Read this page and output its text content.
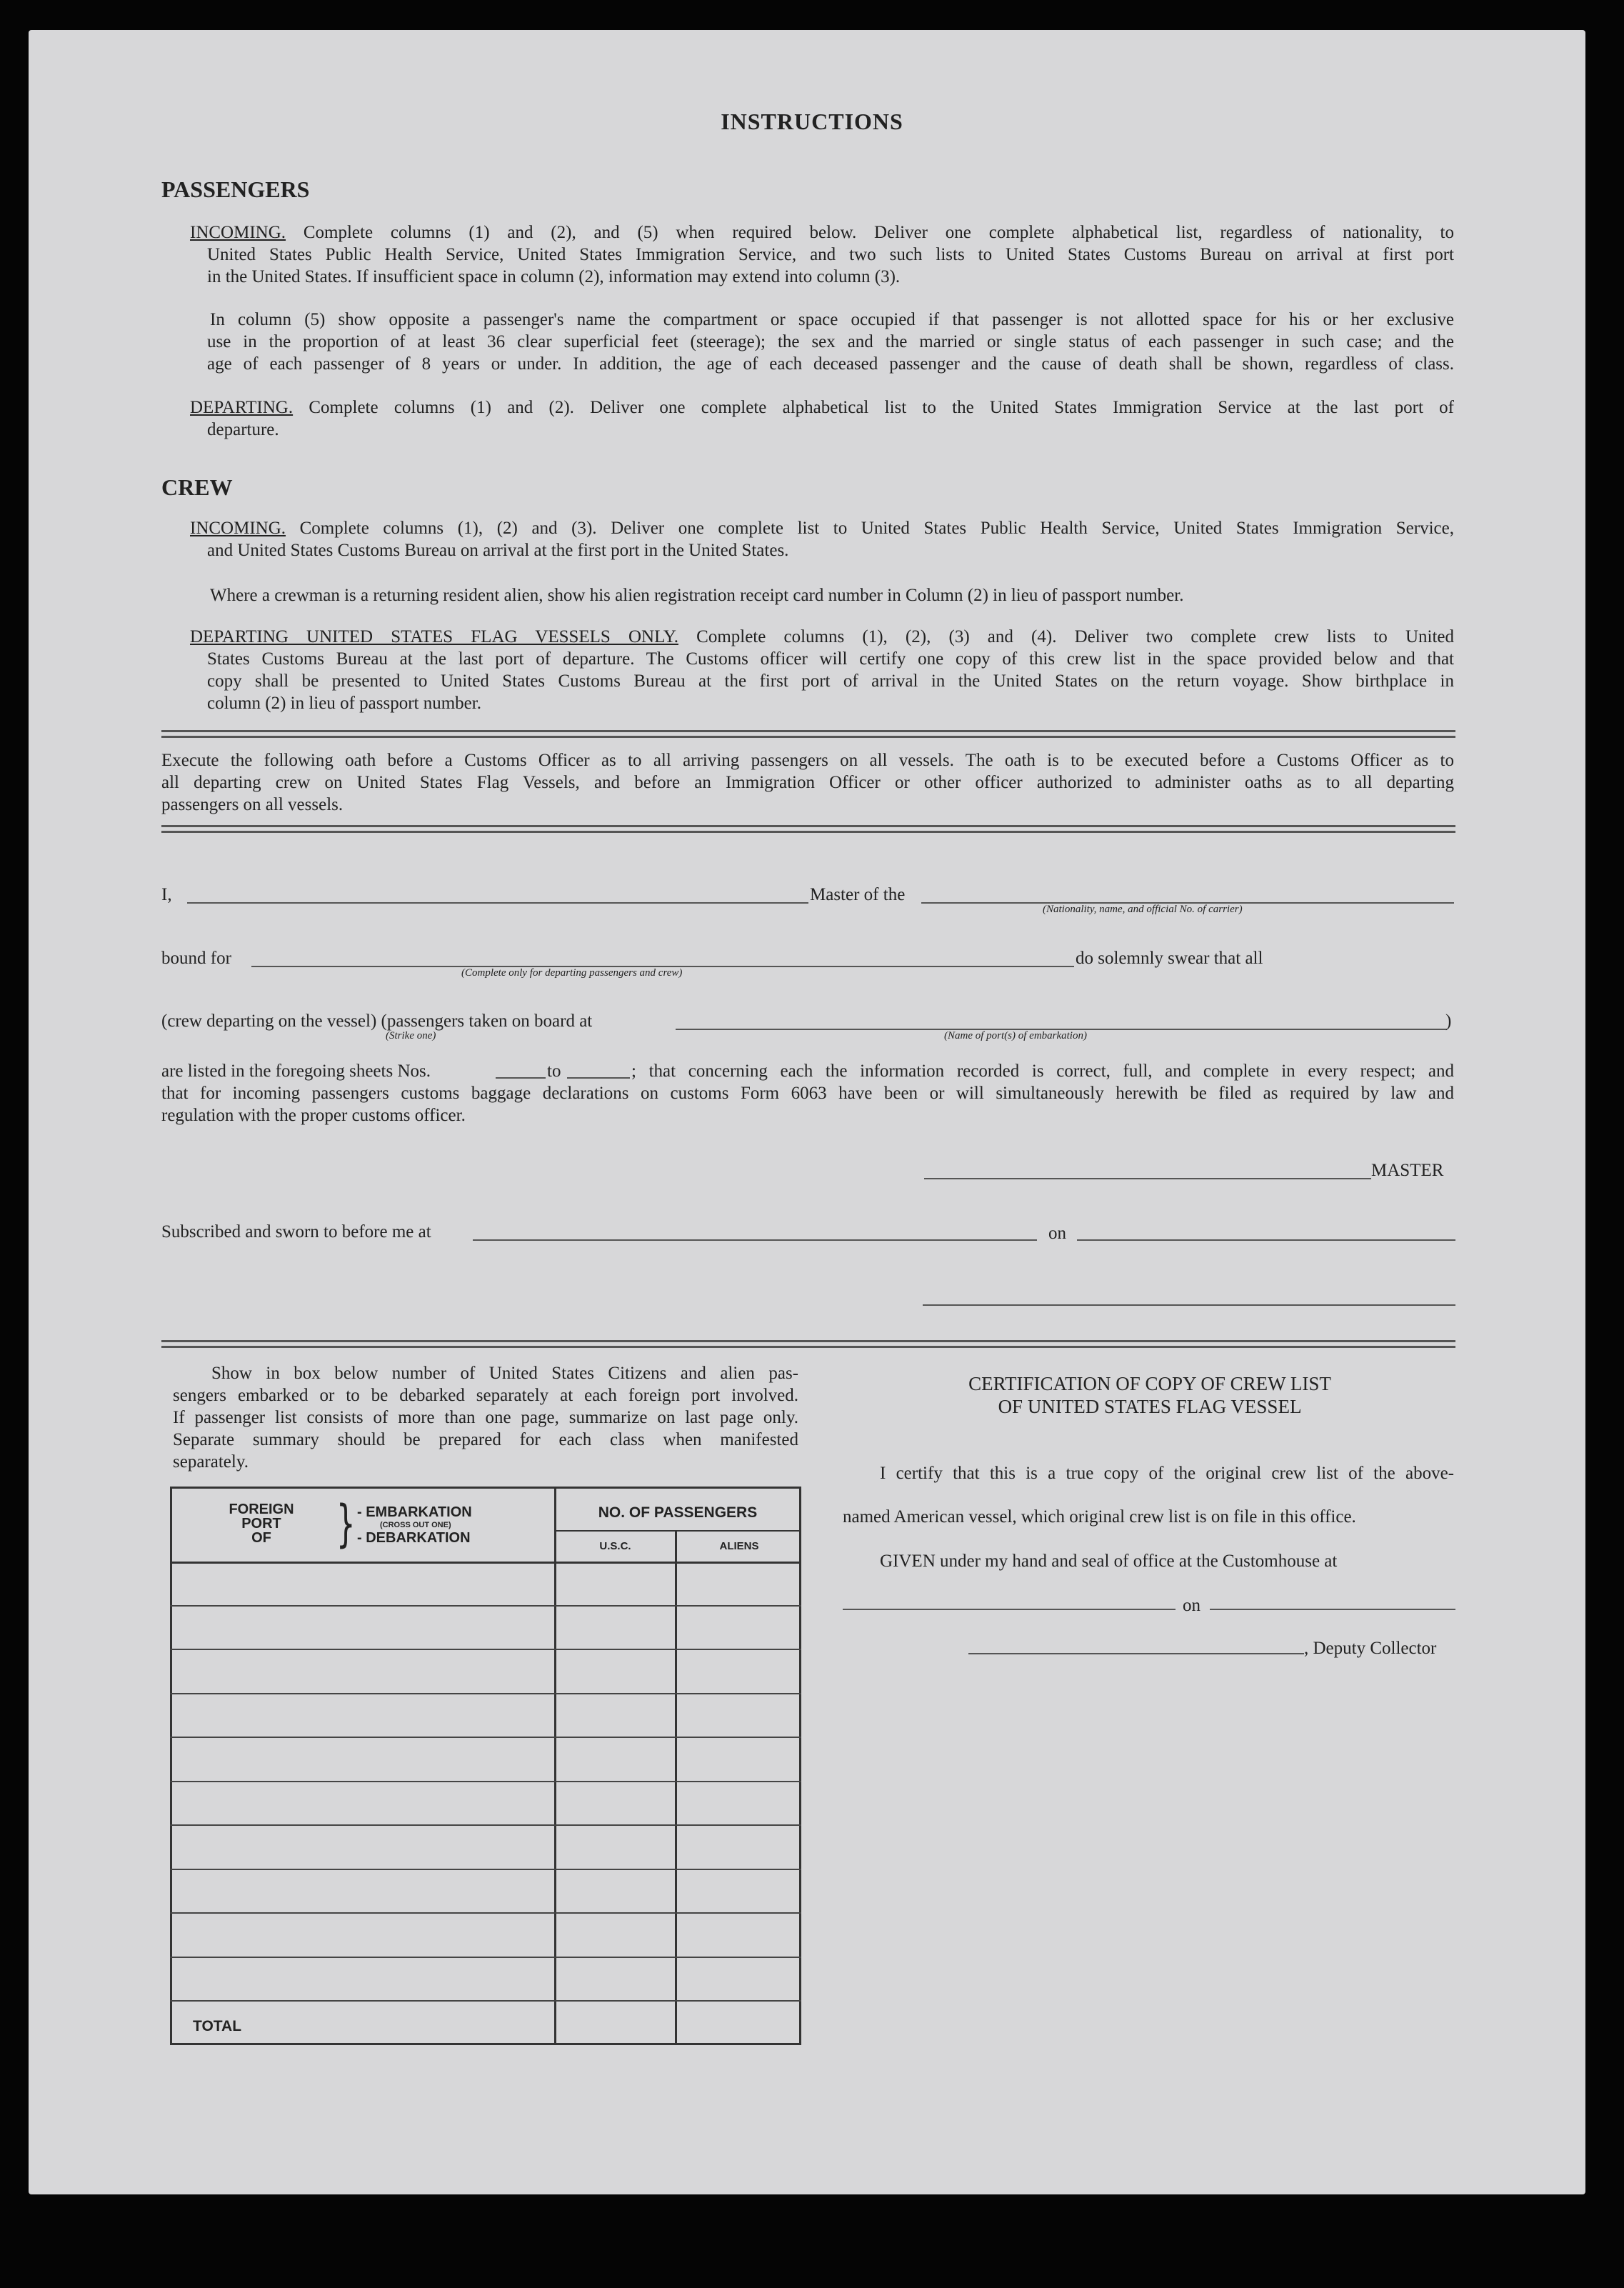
INSTRUCTIONS
PASSENGERS
INCOMING. Complete columns (1) and (2), and (5) when required below. Deliver one complete alphabetical list, regardless of nationality, to
United States Public Health Service, United States Immigration Service, and two such lists to United States Customs Bureau on arrival at first port
in the United States. If insufficient space in column (2), information may extend into column (3).
In column (5) show opposite a passenger's name the compartment or space occupied if that passenger is not allotted space for his or her exclusive
use in the proportion of at least 36 clear superficial feet (steerage); the sex and the married or single status of each passenger in such case; and the
age of each passenger of 8 years or under. In addition, the age of each deceased passenger and the cause of death shall be shown, regardless of class.
DEPARTING. Complete columns (1) and (2). Deliver one complete alphabetical list to the United States Immigration Service at the last port of
departure.
CREW
INCOMING. Complete columns (1), (2) and (3). Deliver one complete list to United States Public Health Service, United States Immigration Service,
and United States Customs Bureau on arrival at the first port in the United States.
Where a crewman is a returning resident alien, show his alien registration receipt card number in Column (2) in lieu of passport number.
DEPARTING UNITED STATES FLAG VESSELS ONLY. Complete columns (1), (2), (3) and (4). Deliver two complete crew lists to United
States Customs Bureau at the last port of departure. The Customs officer will certify one copy of this crew list in the space provided below and that
copy shall be presented to United States Customs Bureau at the first port of arrival in the United States on the return voyage. Show birthplace in
column (2) in lieu of passport number.
Execute the following oath before a Customs Officer as to all arriving passengers on all vessels. The oath is to be executed before a Customs Officer as to
all departing crew on United States Flag Vessels, and before an Immigration Officer or other officer authorized to administer oaths as to all departing
passengers on all vessels.
I,	Master of the
(Nationality, name, and official No. of carrier)
bound for
(Complete only for departing passengers and crew)
do solemnly swear that all
(crew departing on the vessel) (passengers taken on board at	)
(Strike one)	(Name of port(s) of embarkation)
are listed in the foregoing sheets Nos.	to	; that concerning each the information recorded is correct, full, and complete in every respect; and
that for incoming passengers customs baggage declarations on customs Form 6063 have been or will simultaneously herewith be filed as required by law and
regulation with the proper customs officer.
MASTER
Subscribed and sworn to before me at	on
Show in box below number of United States Citizens and alien pas-
sengers embarked or to be debarked separately at each foreign port involved.
If passenger list consists of more than one page, summarize on last page only.
Separate summary should be prepared for each class when manifested
separately.
FOREIGN
PORT
OF	} - EMBARKATION
(CROSS OUT ONE)
- DEBARKATION
NO. OF PASSENGERS
U.S.C.	ALIENS
TOTAL
CERTIFICATION OF COPY OF CREW LIST
OF UNITED STATES FLAG VESSEL
I certify that this is a true copy of the original crew list of the above-
named American vessel, which original crew list is on file in this office.
GIVEN under my hand and seal of office at the Customhouse at
on
, Deputy Collector
